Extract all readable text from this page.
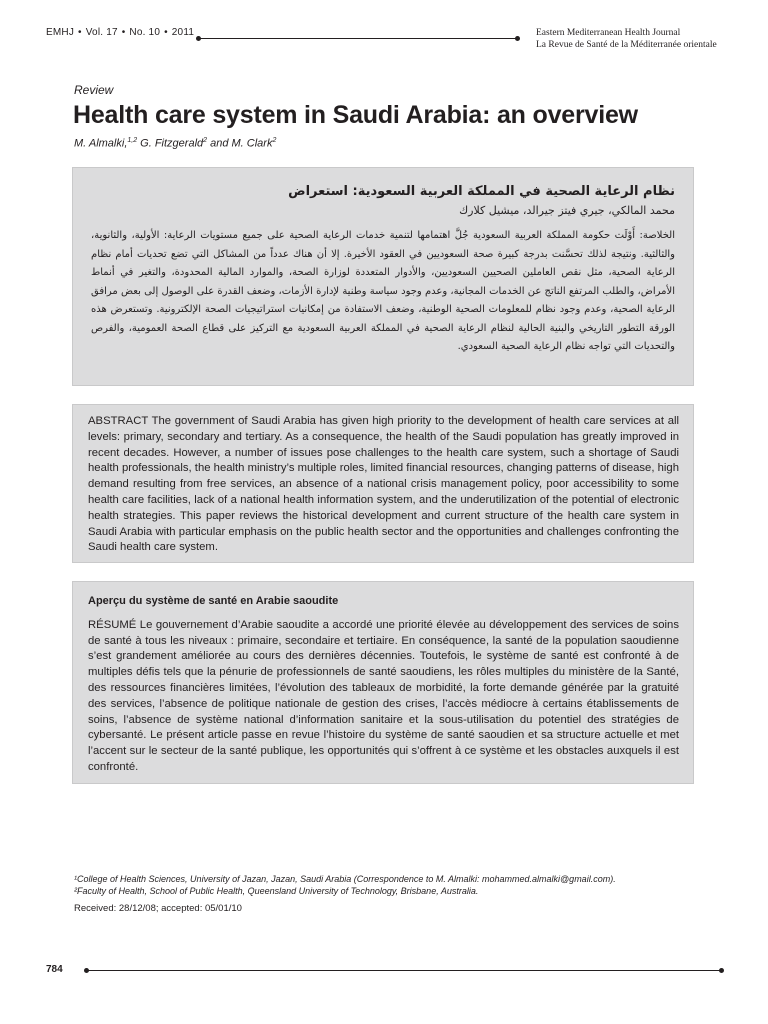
EMHJ • Vol. 17 • No. 10 • 2011	Eastern Mediterranean Health Journal
La Revue de Santé de la Méditerranée orientale
Review
Health care system in Saudi Arabia: an overview
M. Almalki,$^{1,2}$ G. Fitzgerald$^2$ and M. Clark$^2$
نظام الرعاية الصحية في المملكة العربية السعودية: استعراض
محمد المالكي، جيري فيتز جيرالد، ميشيل كلارك
الخلاصة: أَوْلَت حكومة المملكة العربية السعودية جُلَّ اهتمامها لتنمية خدمات الرعاية الصحية على جميع مستويات الرعاية: الأولية، والثانوية، والثالثية. ونتيجة لذلك تحسَّنت بدرجة كبيرة صحة السعوديين في العقود الأخيرة. إلا أن هناك عدداً من المشاكل التي تضع تحديات أمام نظام الرعاية الصحية، مثل نقص العاملين الصحيين السعوديين، والأدوار المتعددة لوزارة الصحة، والموارد المالية المحدودة، والتغير في أنماط الأمراض، والطلب المرتفع الناتج عن الخدمات المجانية، وعدم وجود سياسة وطنية لإدارة الأزمات، وضعف القدرة على الوصول إلى بعض مرافق الرعاية الصحية، وعدم وجود نظام للمعلومات الصحية الوطنية، وضعف الاستفادة من إمكانيات استراتيجيات الصحة الإلكترونية. وتستعرض هذه الورقة التطور التاريخي والبنية الحالية لنظام الرعاية الصحية في المملكة العربية السعودية مع التركيز على قطاع الصحة العمومية، والفرص والتحديات التي تواجه نظام الرعاية الصحية السعودي.
ABSTRACT The government of Saudi Arabia has given high priority to the development of health care services at all levels: primary, secondary and tertiary. As a consequence, the health of the Saudi population has greatly improved in recent decades. However, a number of issues pose challenges to the health care system, such a shortage of Saudi health professionals, the health ministry’s multiple roles, limited financial resources, changing patterns of disease, high demand resulting from free services, an absence of a national crisis management policy, poor accessibility to some health care facilities, lack of a national health information system, and the underutilization of the potential of electronic health strategies. This paper reviews the historical development and current structure of the health care system in Saudi Arabia with particular emphasis on the public health sector and the opportunities and challenges confronting the Saudi health care system.
Aperçu du système de santé en Arabie saoudite
RÉSUMÉ Le gouvernement d’Arabie saoudite a accordé une priorité élevée au développement des services de soins de santé à tous les niveaux : primaire, secondaire et tertiaire. En conséquence, la santé de la population saoudienne s’est grandement améliorée au cours des dernières décennies. Toutefois, le système de santé est confronté à de multiples défis tels que la pénurie de professionnels de santé saoudiens, les rôles multiples du ministère de la Santé, des ressources financières limitées, l’évolution des tableaux de morbidité, la forte demande générée par la gratuité des services, l’absence de politique nationale de gestion des crises, l’accès médiocre à certains établissements de soins, l’absence de système national d’information sanitaire et la sous-utilisation du potentiel des stratégies de cybersanté. Le présent article passe en revue l’histoire du système de santé saoudien et sa structure actuelle et met l’accent sur le secteur de la santé publique, les opportunités qui s’offrent à ce système et les obstacles auxquels il est confronté.
¹College of Health Sciences, University of Jazan, Jazan, Saudi Arabia (Correspondence to M. Almalki: mohammed.almalki@gmail.com).
²Faculty of Health, School of Public Health, Queensland University of Technology, Brisbane, Australia.
Received: 28/12/08; accepted: 05/01/10
784
